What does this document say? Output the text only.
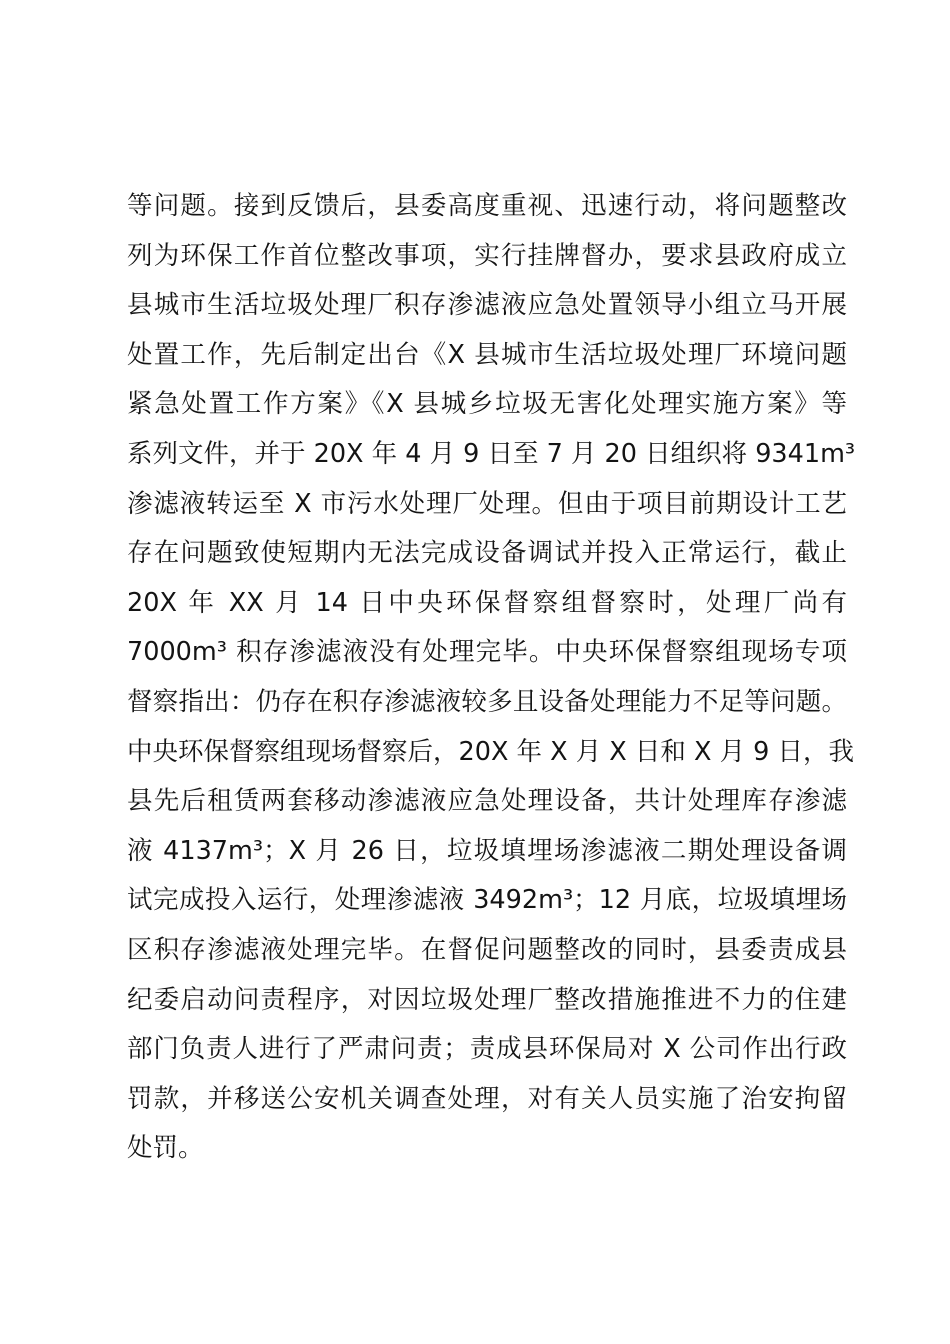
等问题。接到反馈后，县委高度重视、迅速行动，将问题整改
列为环保工作首位整改事项，实行挂牌督办，要求县政府成立
县城市生活垃圾处理厂积存渗滤液应急处置领导小组立马开展
处置工作，先后制定出台《X 县城市生活垃圾处理厂环境问题
紧急处置工作方案》《X 县城乡垃圾无害化处理实施方案》等
系列文件，并于 20X 年 4 月 9 日至 7 月 20 日组织将 9341m³
渗滤液转运至 X 市污水处理厂处理。但由于项目前期设计工艺
存在问题致使短期内无法完成设备调试并投入正常运行，截止
20X 年 XX 月 14 日中央环保督察组督察时，处理厂尚有
7000m³ 积存渗滤液没有处理完毕。中央环保督察组现场专项
督察指出：仍存在积存渗滤液较多且设备处理能力不足等问题。
中央环保督察组现场督察后，20X 年 X 月 X 日和 X 月 9 日，我
县先后租赁两套移动渗滤液应急处理设备，共计处理库存渗滤
液 4137m³；X 月 26 日，垃圾填埋场渗滤液二期处理设备调
试完成投入运行，处理渗滤液 3492m³；12 月底，垃圾填埋场
区积存渗滤液处理完毕。在督促问题整改的同时，县委责成县
纪委启动问责程序，对因垃圾处理厂整改措施推进不力的住建
部门负责人进行了严肃问责；责成县环保局对 X 公司作出行政
罚款，并移送公安机关调查处理，对有关人员实施了治安拘留
处罚。
